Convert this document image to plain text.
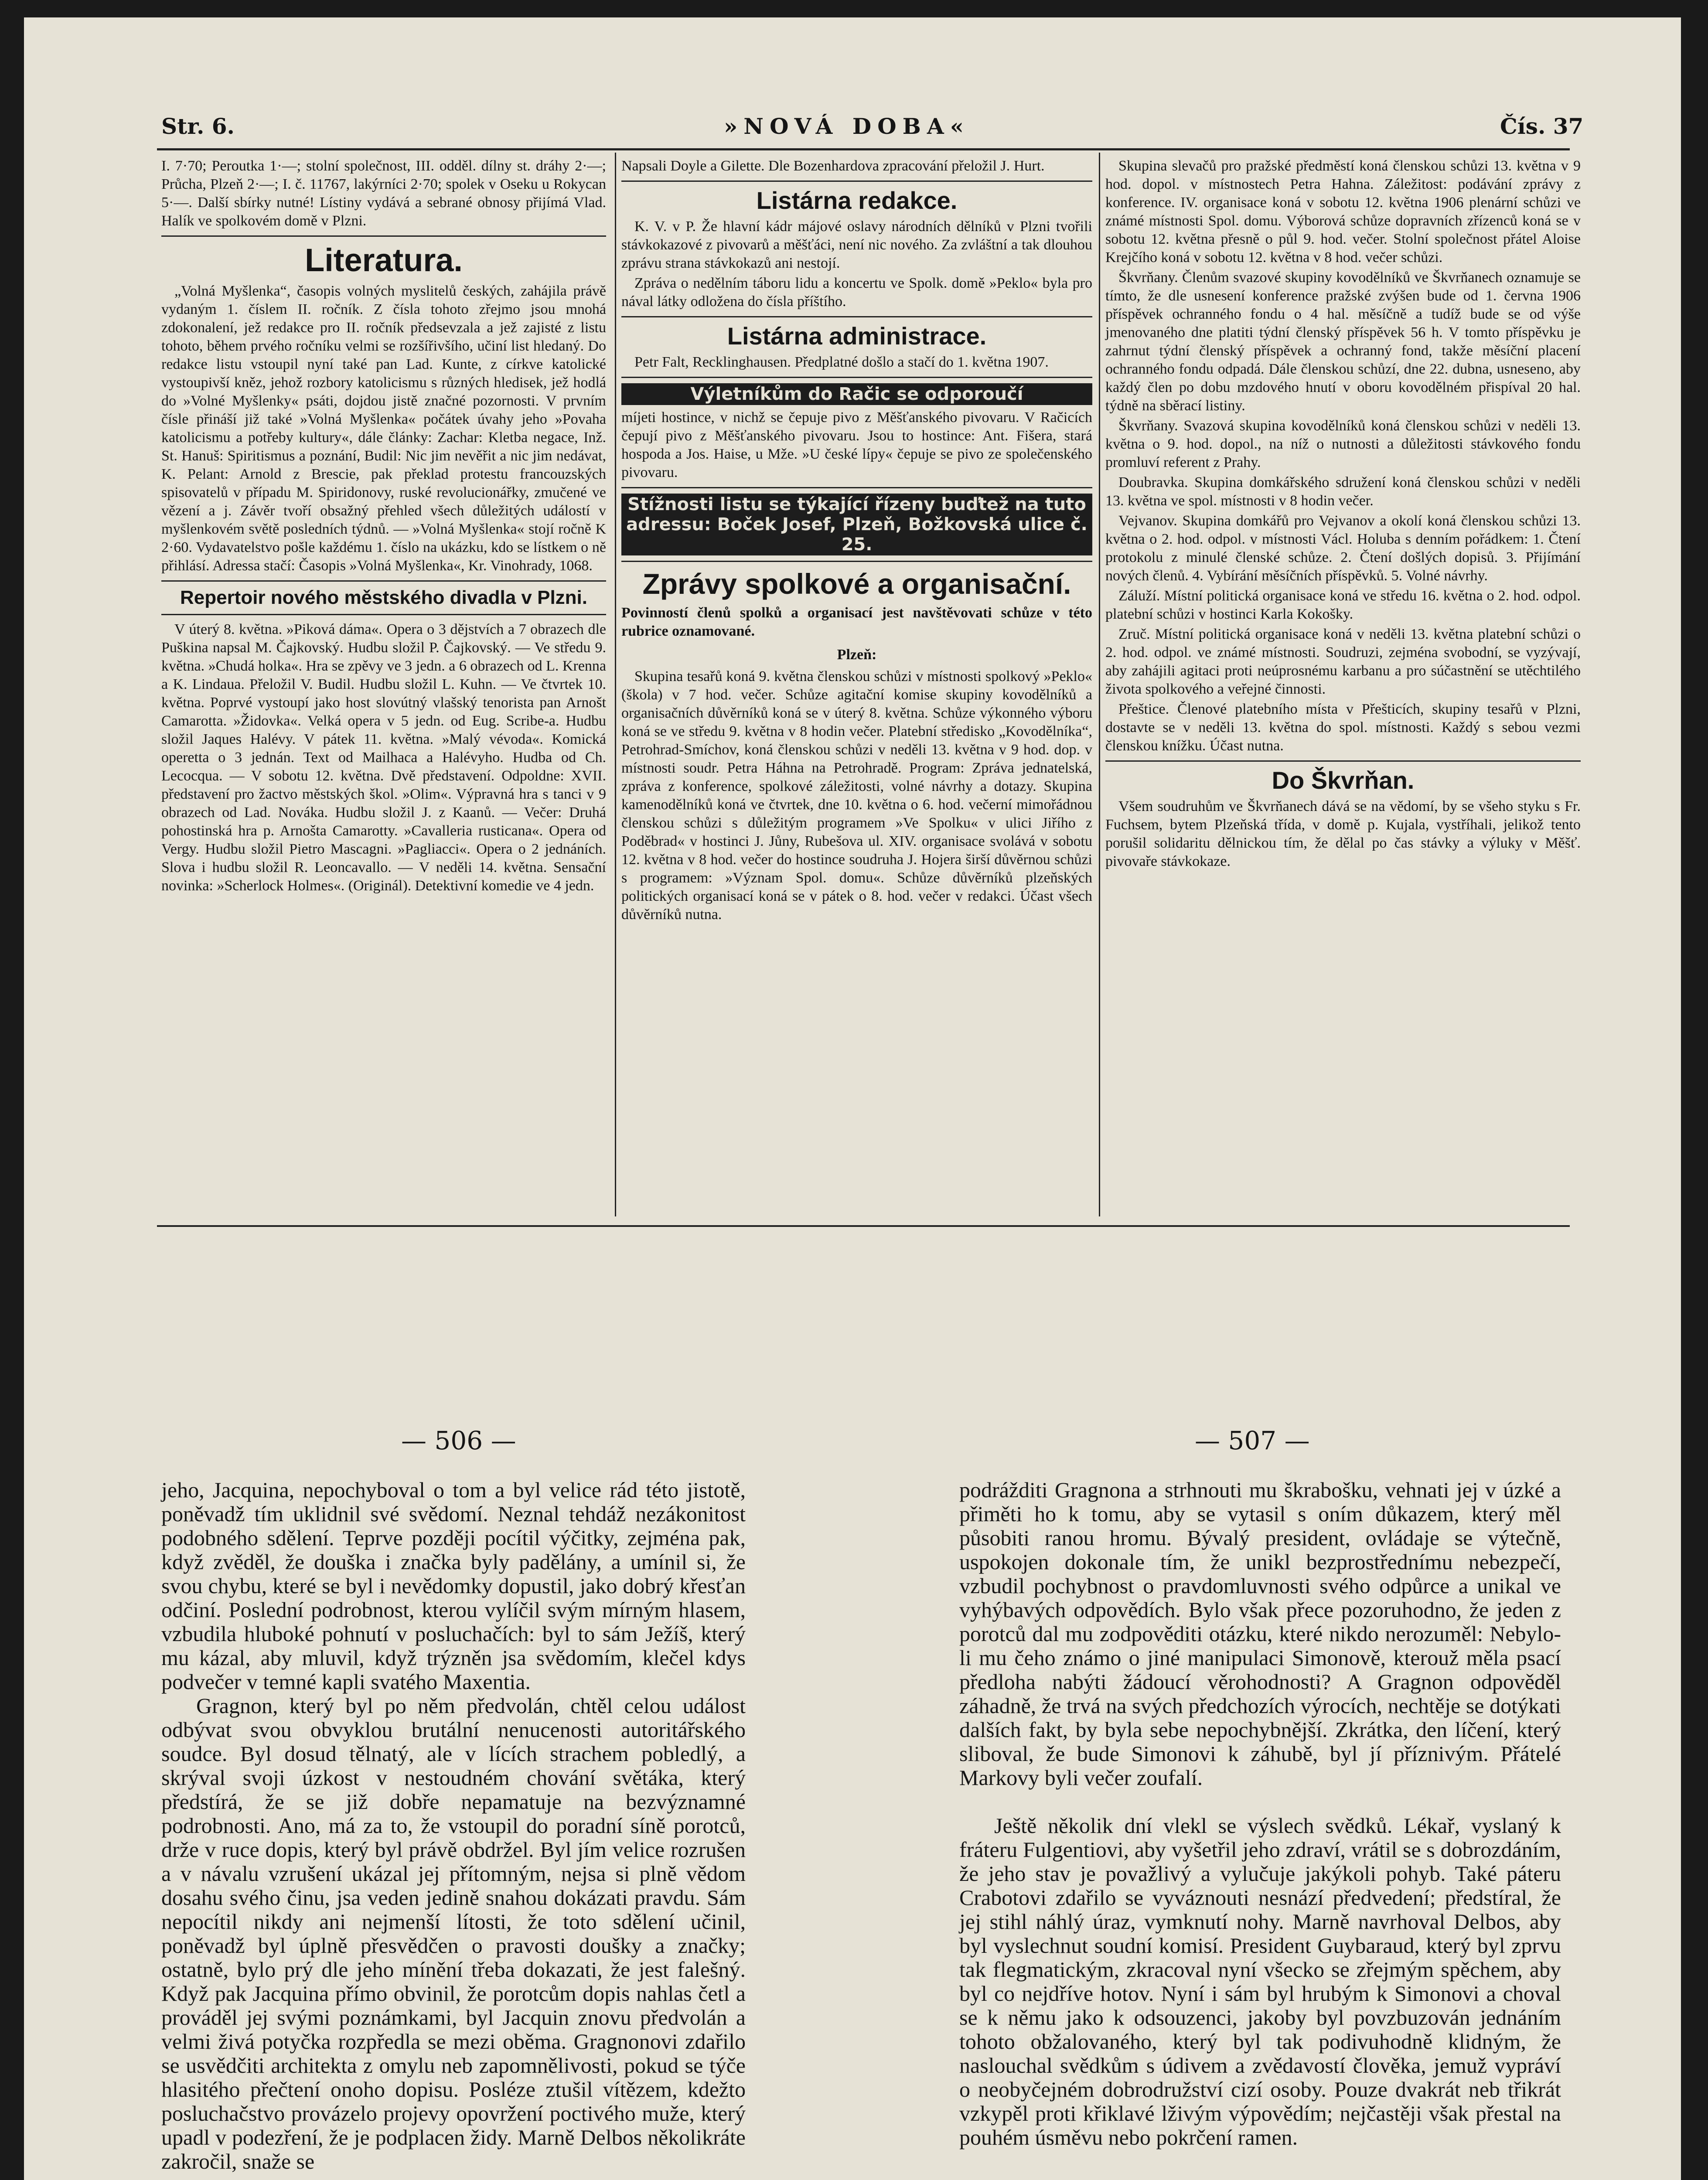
Str. 6.	»NOVÁ DOBA«	Čís. 37

I. 7·70; Peroutka 1·—; stolní společnost, III. odděl. dílny st. dráhy 2·—; Průcha, Plzeň 2·—; I. č. 11767, lakýrníci 2·70; spolek v Oseku u Rokycan 5·—. Další sbírky nutné! Lístiny vydává a sebrané obnosy přijímá Vlad. Halík ve spolkovém domě v Plzni.

Literatura.

„Volná Myšlenka“, časopis volných myslitelů českých, zahájila právě vydaným 1. číslem II. ročník. Z čísla tohoto zřejmo jsou mnohá zdokonalení, jež redakce pro II. ročník předsevzala a jež zajisté z listu tohoto, během prvého ročníku velmi se rozšířivšího, učiní list hledaný. Do redakce listu vstoupil nyní také pan Lad. Kunte, z církve katolické vystoupivší kněz, jehož rozbory katolicismu s různých hledisek, jež hodlá do »Volné Myšlenky« psáti, dojdou jistě značné pozornosti. V prvním čísle přináší již také »Volná Myšlenka« počátek úvahy jeho »Povaha katolicismu a potřeby kultury«, dále články: Zachar: Kletba negace, Inž. St. Hanuš: Spiritismus a poznání, Budil: Nic jim nevěřit a nic jim nedávat, K. Pelant: Arnold z Brescie, pak překlad protestu francouzských spisovatelů v případu M. Spiridonovy, ruské revolucionářky, zmučené ve vězení a j. Závěr tvoří obsažný přehled všech důležitých událostí v myšlenkovém světě posledních týdnů. — »Volná Myšlenka« stojí ročně K 2·60. Vydavatelstvo pošle každému 1. číslo na ukázku, kdo se lístkem o ně přihlásí. Adressa stačí: Časopis »Volná Myšlenka«, Kr. Vinohrady, 1068.

Repertoir nového městského divadla v Plzni.

V úterý 8. května. »Piková dáma«. Opera o 3 dějstvích a 7 obrazech dle Puškina napsal M. Čajkovský. Hudbu složil P. Čajkovský. — Ve středu 9. května. »Chudá holka«. Hra se zpěvy ve 3 jedn. a 6 obrazech od L. Krenna a K. Lindaua. Přeložil V. Budil. Hudbu složil L. Kuhn. — Ve čtvrtek 10. května. Poprvé vystoupí jako host slovútný vlašský tenorista pan Arnošt Camarotta. »Židovka«. Velká opera v 5 jedn. od Eug. Scribe-a. Hudbu složil Jaques Halévy. V pátek 11. května. »Malý vévoda«. Komická operetta o 3 jednán. Text od Mailhaca a Halévyho. Hudba od Ch. Lecocqua. — V sobotu 12. května. Dvě představení. Odpoldne: XVII. představení pro žactvo městských škol. »Olim«. Výpravná hra s tanci v 9 obrazech od Lad. Nováka. Hudbu složil J. z Kaanů. — Večer: Druhá pohostinská hra p. Arnošta Camarotty. »Cavalleria rusticana«. Opera od Vergy. Hudbu složil Pietro Mascagni. »Pagliacci«. Opera o 2 jednáních. Slova i hudbu složil R. Leoncavallo. — V neděli 14. května. Sensační novinka: »Scherlock Holmes«. (Originál). Detektivní komedie ve 4 jedn.

Napsali Doyle a Gilette. Dle Bozenhardova zpracování přeložil J. Hurt.

Listárna redakce.

K. V. v P. Že hlavní kádr májové oslavy národních dělníků v Plzni tvořili stávkokazové z pivovarů a měšťáci, není nic nového. Za zvláštní a tak dlouhou zprávu strana stávkokazů ani nestojí.

Zpráva o nedělním táboru lidu a koncertu ve Spolk. domě »Peklo« byla pro nával látky odložena do čísla příštího.

Listárna administrace.

Petr Falt, Recklinghausen. Předplatné došlo a stačí do 1. května 1907.

Výletníkům do Račic se odporoučí

míjeti hostince, v nichž se čepuje pivo z Měšťanského pivovaru. V Račicích čepují pivo z Měšťanského pivovaru. Jsou to hostince: Ant. Fišera, stará hospoda a Jos. Haise, u Mže. »U české lípy« čepuje se pivo ze společenského pivovaru.

Stížnosti listu se týkající řízeny buďtež na tuto adressu: Boček Josef, Plzeň, Božkovská ulice č. 25.
Zprávy spolkové a organisační.

Povinností členů spolků a organisací jest navštěvovati schůze v této rubrice oznamované.

Plzeň:

Skupina tesařů koná 9. května členskou schůzi v místnosti spolkový »Peklo« (škola) v 7 hod. večer. Schůze agitační komise skupiny kovodělníků a organisačních důvěrníků koná se v úterý 8. května. Schůze výkonného výboru koná se ve středu 9. května v 8 hodin večer. Platební středisko „Kovodělníka“, Petrohrad-Smíchov, koná členskou schůzi v neděli 13. května v 9 hod. dop. v místnosti soudr. Petra Háhna na Petrohradě. Program: Zpráva jednatelská, zpráva z konference, spolkové záležitosti, volné návrhy a dotazy. Skupina kamenodělníků koná ve čtvrtek, dne 10. května o 6. hod. večerní mimořádnou členskou schůzi s důležitým programem »Ve Spolku« v ulici Jiřího z Poděbrad« v hostinci J. Jůny, Rubešova ul. XIV. organisace svolává v sobotu 12. května v 8 hod. večer do hostince soudruha J. Hojera širší důvěrnou schůzi s programem: »Význam Spol. domu«. Schůze důvěrníků plzeňských politických organisací koná se v pátek o 8. hod. večer v redakci. Účast všech důvěrníků nutna.

Skupina slevačů pro pražské předměstí koná členskou schůzi 13. května v 9 hod. dopol. v místnostech Petra Hahna. Záležitost: podávání zprávy z konference. IV. organisace koná v sobotu 12. května 1906 plenární schůzi ve známé místnosti Spol. domu. Výborová schůze dopravních zřízenců koná se v sobotu 12. května přesně o půl 9. hod. večer. Stolní společnost přátel Aloise Krejčího koná v sobotu 12. května v 8 hod. večer schůzi.

Škvrňany. Členům svazové skupiny kovodělníků ve Škvrňanech oznamuje se tímto, že dle usnesení konference pražské zvýšen bude od 1. června 1906 příspěvek ochranného fondu o 4 hal. měsíčně a tudíž bude se od výše jmenovaného dne platiti týdní členský příspěvek 56 h. V tomto příspěvku je zahrnut týdní členský příspěvek a ochranný fond, takže měsíční placení ochranného fondu odpadá. Dále členskou schůzí, dne 22. dubna, usneseno, aby každý člen po dobu mzdového hnutí v oboru kovodělném přispíval 20 hal. týdně na sběrací listiny.

Škvrňany. Svazová skupina kovodělníků koná členskou schůzi v neděli 13. května o 9. hod. dopol., na níž o nutnosti a důležitosti stávkového fondu promluví referent z Prahy.

Doubravka. Skupina domkářského sdružení koná členskou schůzi v neděli 13. května ve spol. místnosti v 8 hodin večer.

Vejvanov. Skupina domkářů pro Vejvanov a okolí koná členskou schůzi 13. května o 2. hod. odpol. v místnosti Václ. Holuba s denním pořádkem: 1. Čtení protokolu z minulé členské schůze. 2. Čtení došlých dopisů. 3. Přijímání nových členů. 4. Vybírání měsíčních příspěvků. 5. Volné návrhy.

Záluží. Místní politická organisace koná ve středu 16. května o 2. hod. odpol. platební schůzi v hostinci Karla Kokošky.

Zruč. Místní politická organisace koná v neděli 13. května platební schůzi o 2. hod. odpol. ve známé místnosti. Soudruzi, zejména svobodní, se vyzývají, aby zahájili agitaci proti neúprosnému karbanu a pro súčastnění se utěchtilého života spolkového a veřejné činnosti.

Přeštice. Členové platebního místa v Přešticích, skupiny tesařů v Plzni, dostavte se v neděli 13. května do spol. místnosti. Každý s sebou vezmi členskou knížku. Účast nutna.

Do Škvrňan.

Všem soudruhům ve Škvrňanech dává se na vědomí, by se všeho styku s Fr. Fuchsem, bytem Plzeňská třída, v domě p. Kujala, vystříhali, jelikož tento porušil solidaritu dělnickou tím, že dělal po čas stávky a výluky v Měšť. pivovaře stávkokaze.

— 506 —	— 507 —

jeho, Jacquina, nepochyboval o tom a byl velice rád této jistotě, poněvadž tím uklidnil své svědomí. Neznal tehdáž nezákonitost podobného sdělení. Teprve později pocítil výčitky, zejména pak, když zvěděl, že douška i značka byly padělány, a umínil si, že svou chybu, které se byl i nevědomky dopustil, jako dobrý křesťan odčiní. Poslední podrobnost, kterou vylíčil svým mírným hlasem, vzbudila hluboké pohnutí v posluchačích: byl to sám Ježíš, který mu kázal, aby mluvil, když trýzněn jsa svědomím, klečel kdys podvečer v temné kapli svatého Maxentia.

Gragnon, který byl po něm předvolán, chtěl celou událost odbývat svou obvyklou brutální nenucenosti autoritářského soudce. Byl dosud tělnatý, ale v lících strachem pobledlý, a skrýval svoji úzkost v nestoudném chování světáka, který předstírá, že se již dobře nepamatuje na bezvýznamné podrobnosti. Ano, má za to, že vstoupil do poradní síně porotců, drže v ruce dopis, který byl právě obdržel. Byl jím velice rozrušen a v návalu vzrušení ukázal jej přítomným, nejsa si plně vědom dosahu svého činu, jsa veden jedině snahou dokázati pravdu. Sám nepocítil nikdy ani nejmenší lítosti, že toto sdělení učinil, poněvadž byl úplně přesvědčen o pravosti doušky a značky; ostatně, bylo prý dle jeho mínění třeba dokazati, že jest falešný. Když pak Jacquina přímo obvinil, že porotcům dopis nahlas četl a prováděl jej svými poznámkami, byl Jacquin znovu předvolán a velmi živá potyčka rozpředla se mezi oběma. Gragnonovi zdařilo se usvědčiti architekta z omylu neb zapomnělivosti, pokud se týče hlasitého přečtení onoho dopisu. Posléze ztušil vítězem, kdežto posluchačstvo provázelo projevy opovržení poctivého muže, který upadl v podezření, že je podplacen židy. Marně Delbos několikráte zakročil, snaže se

podrážditi Gragnona a strhnouti mu škrabošku, vehnati jej v úzké a přiměti ho k tomu, aby se vytasil s oním důkazem, který měl působiti ranou hromu. Bývalý president, ovládaje se výtečně, uspokojen dokonale tím, že unikl bezprostřednímu nebezpečí, vzbudil pochybnost o pravdomluvnosti svého odpůrce a unikal ve vyhýbavých odpovědích. Bylo však přece pozoruhodno, že jeden z porotců dal mu zodpověditi otázku, které nikdo nerozuměl: Nebylo-li mu čeho známo o jiné manipulaci Simonově, kterouž měla psací předloha nabýti žádoucí věrohodnosti? A Gragnon odpověděl záhadně, že trvá na svých předchozích výrocích, nechtěje se dotýkati dalších fakt, by byla sebe nepochybnější. Zkrátka, den líčení, který sliboval, že bude Simonovi k záhubě, byl jí příznivým. Přátelé Markovy byli večer zoufalí.

Ještě několik dní vlekl se výslech svědků. Lékař, vyslaný k fráteru Fulgentiovi, aby vyšetřil jeho zdraví, vrátil se s dobrozdáním, že jeho stav je považlivý a vylučuje jakýkoli pohyb. Také páteru Crabotovi zdařilo se vyváznouti nesnází předvedení; předstíral, že jej stihl náhlý úraz, vymknutí nohy. Marně navrhoval Delbos, aby byl vyslechnut soudní komisí. President Guybaraud, který byl zprvu tak flegmatickým, zkracoval nyní všecko se zřejmým spěchem, aby byl co nejdříve hotov. Nyní i sám byl hrubým k Simonovi a choval se k němu jako k odsouzenci, jakoby byl povzbuzován jednáním tohoto obžalovaného, který byl tak podivuhodně klidným, že naslouchal svědkům s údivem a zvědavostí člověka, jemuž vypráví o neobyčejném dobrodružství cizí osoby. Pouze dvakrát neb třikrát vzkypěl proti křiklavé lživým výpovědím; nejčastěji však přestal na pouhém úsměvu nebo pokrčení ramen.
